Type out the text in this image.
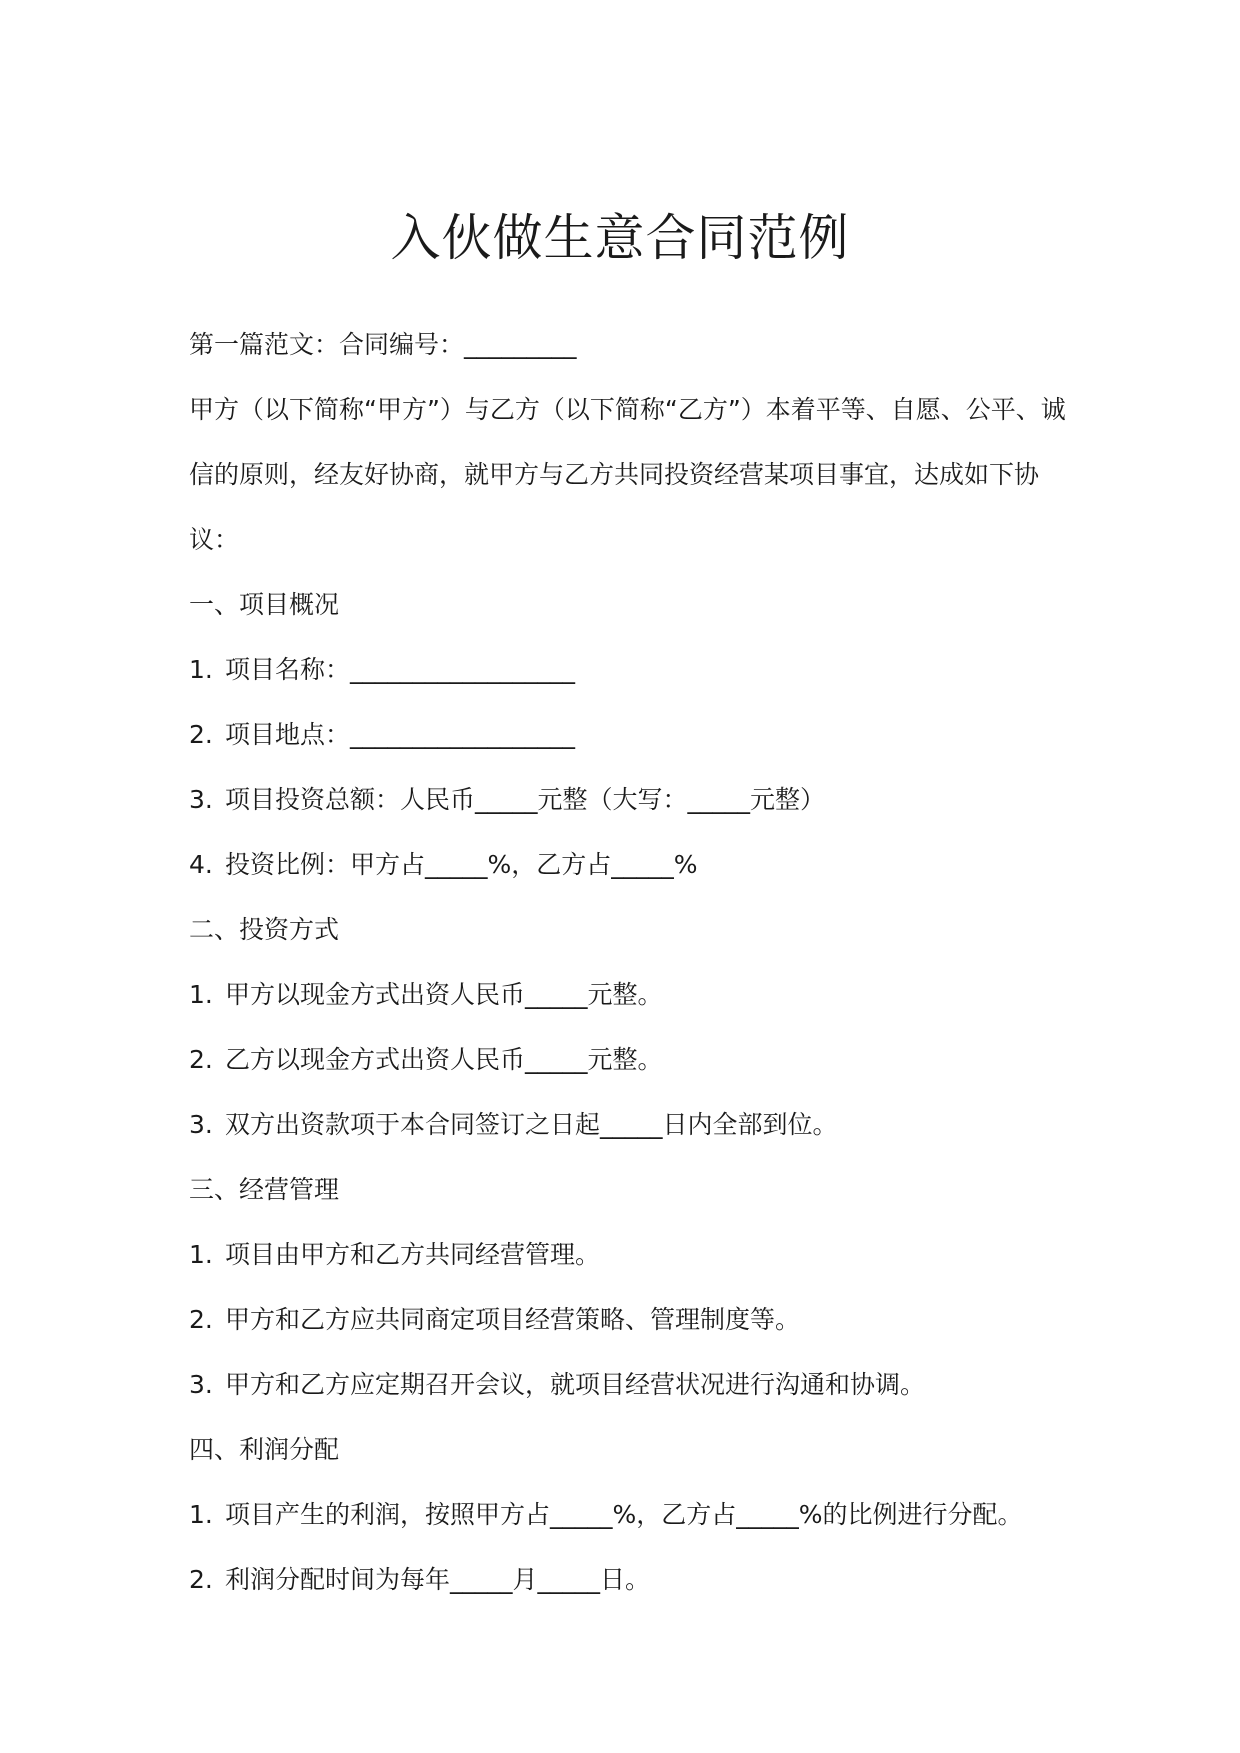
入伙做生意合同范例

第一篇范文：合同编号：_________

甲方（以下简称“甲方”）与乙方（以下简称“乙方”）本着平等、自愿、公平、诚

信的原则，经友好协商，就甲方与乙方共同投资经营某项目事宜，达成如下协

议：

一、项目概况

1. 项目名称：__________________

2. 项目地点：__________________

3. 项目投资总额：人民币_____元整（大写：_____元整）

4. 投资比例：甲方占_____%，乙方占_____%

二、投资方式

1. 甲方以现金方式出资人民币_____元整。

2. 乙方以现金方式出资人民币_____元整。

3. 双方出资款项于本合同签订之日起_____日内全部到位。

三、经营管理

1. 项目由甲方和乙方共同经营管理。

2. 甲方和乙方应共同商定项目经营策略、管理制度等。

3. 甲方和乙方应定期召开会议，就项目经营状况进行沟通和协调。

四、利润分配

1. 项目产生的利润，按照甲方占_____%，乙方占_____%的比例进行分配。

2. 利润分配时间为每年_____月_____日。
